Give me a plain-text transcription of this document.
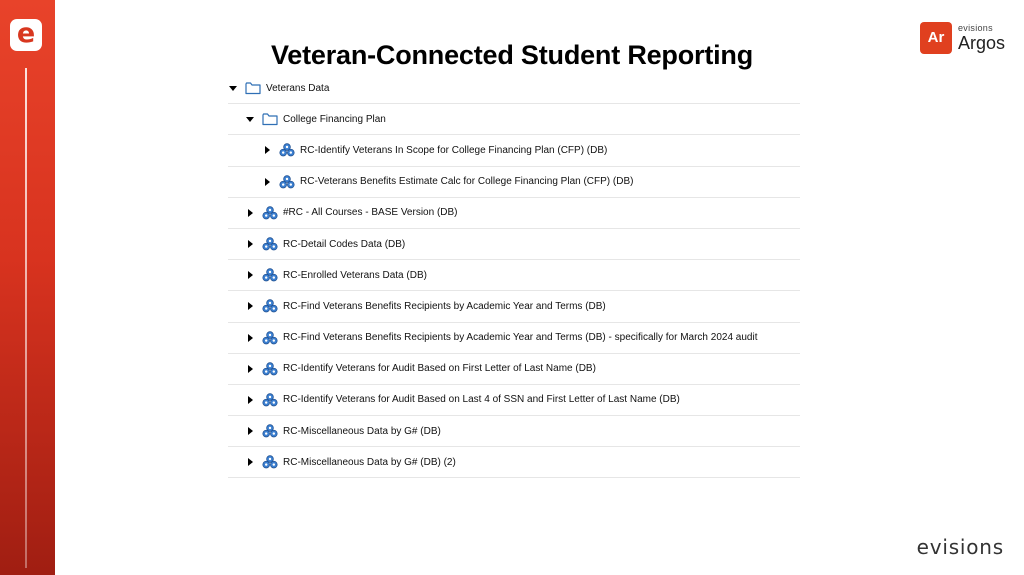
e
Veteran-Connected Student Reporting
Ar
evisions
Argos
Veterans Data
College Financing Plan
RC-Identify Veterans In Scope for College Financing Plan (CFP) (DB)
RC-Veterans Benefits Estimate Calc for College Financing Plan (CFP) (DB)
#RC - All Courses - BASE Version (DB)
RC-Detail Codes Data (DB)
RC-Enrolled Veterans Data (DB)
RC-Find Veterans Benefits Recipients by Academic Year and Terms (DB)
RC-Find Veterans Benefits Recipients by Academic Year and Terms (DB) - specifically for March 2024 audit
RC-Identify Veterans for Audit Based on First Letter of Last Name (DB)
RC-Identify Veterans for Audit Based on Last 4 of SSN and First Letter of Last Name (DB)
RC-Miscellaneous Data by G# (DB)
RC-Miscellaneous Data by G# (DB) (2)
evisions
